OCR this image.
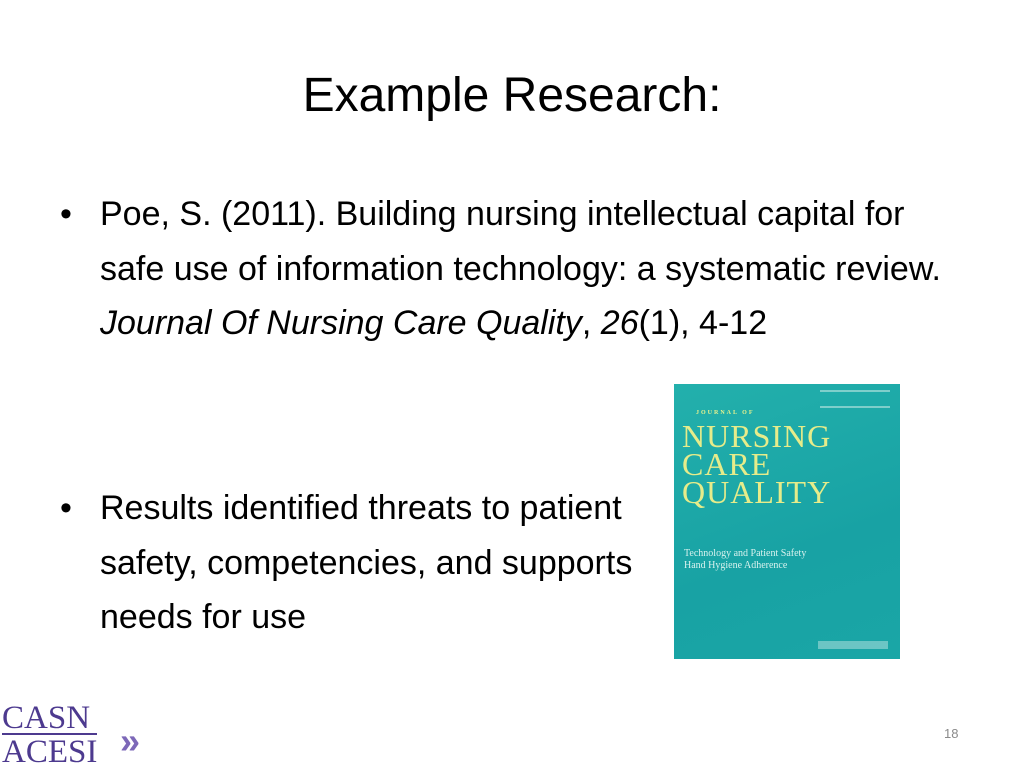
Example Research:
• Poe, S. (2011). Building nursing intellectual capital for safe use of information technology: a systematic review. Journal Of Nursing Care Quality, 26(1), 4-12
• Results identified threats to patient safety, competencies, and supports needs for use
JOURNAL OF
NURSING
CARE
QUALITY
Technology and Patient Safety
Hand Hygiene Adherence
CASN
ACESI »	18
